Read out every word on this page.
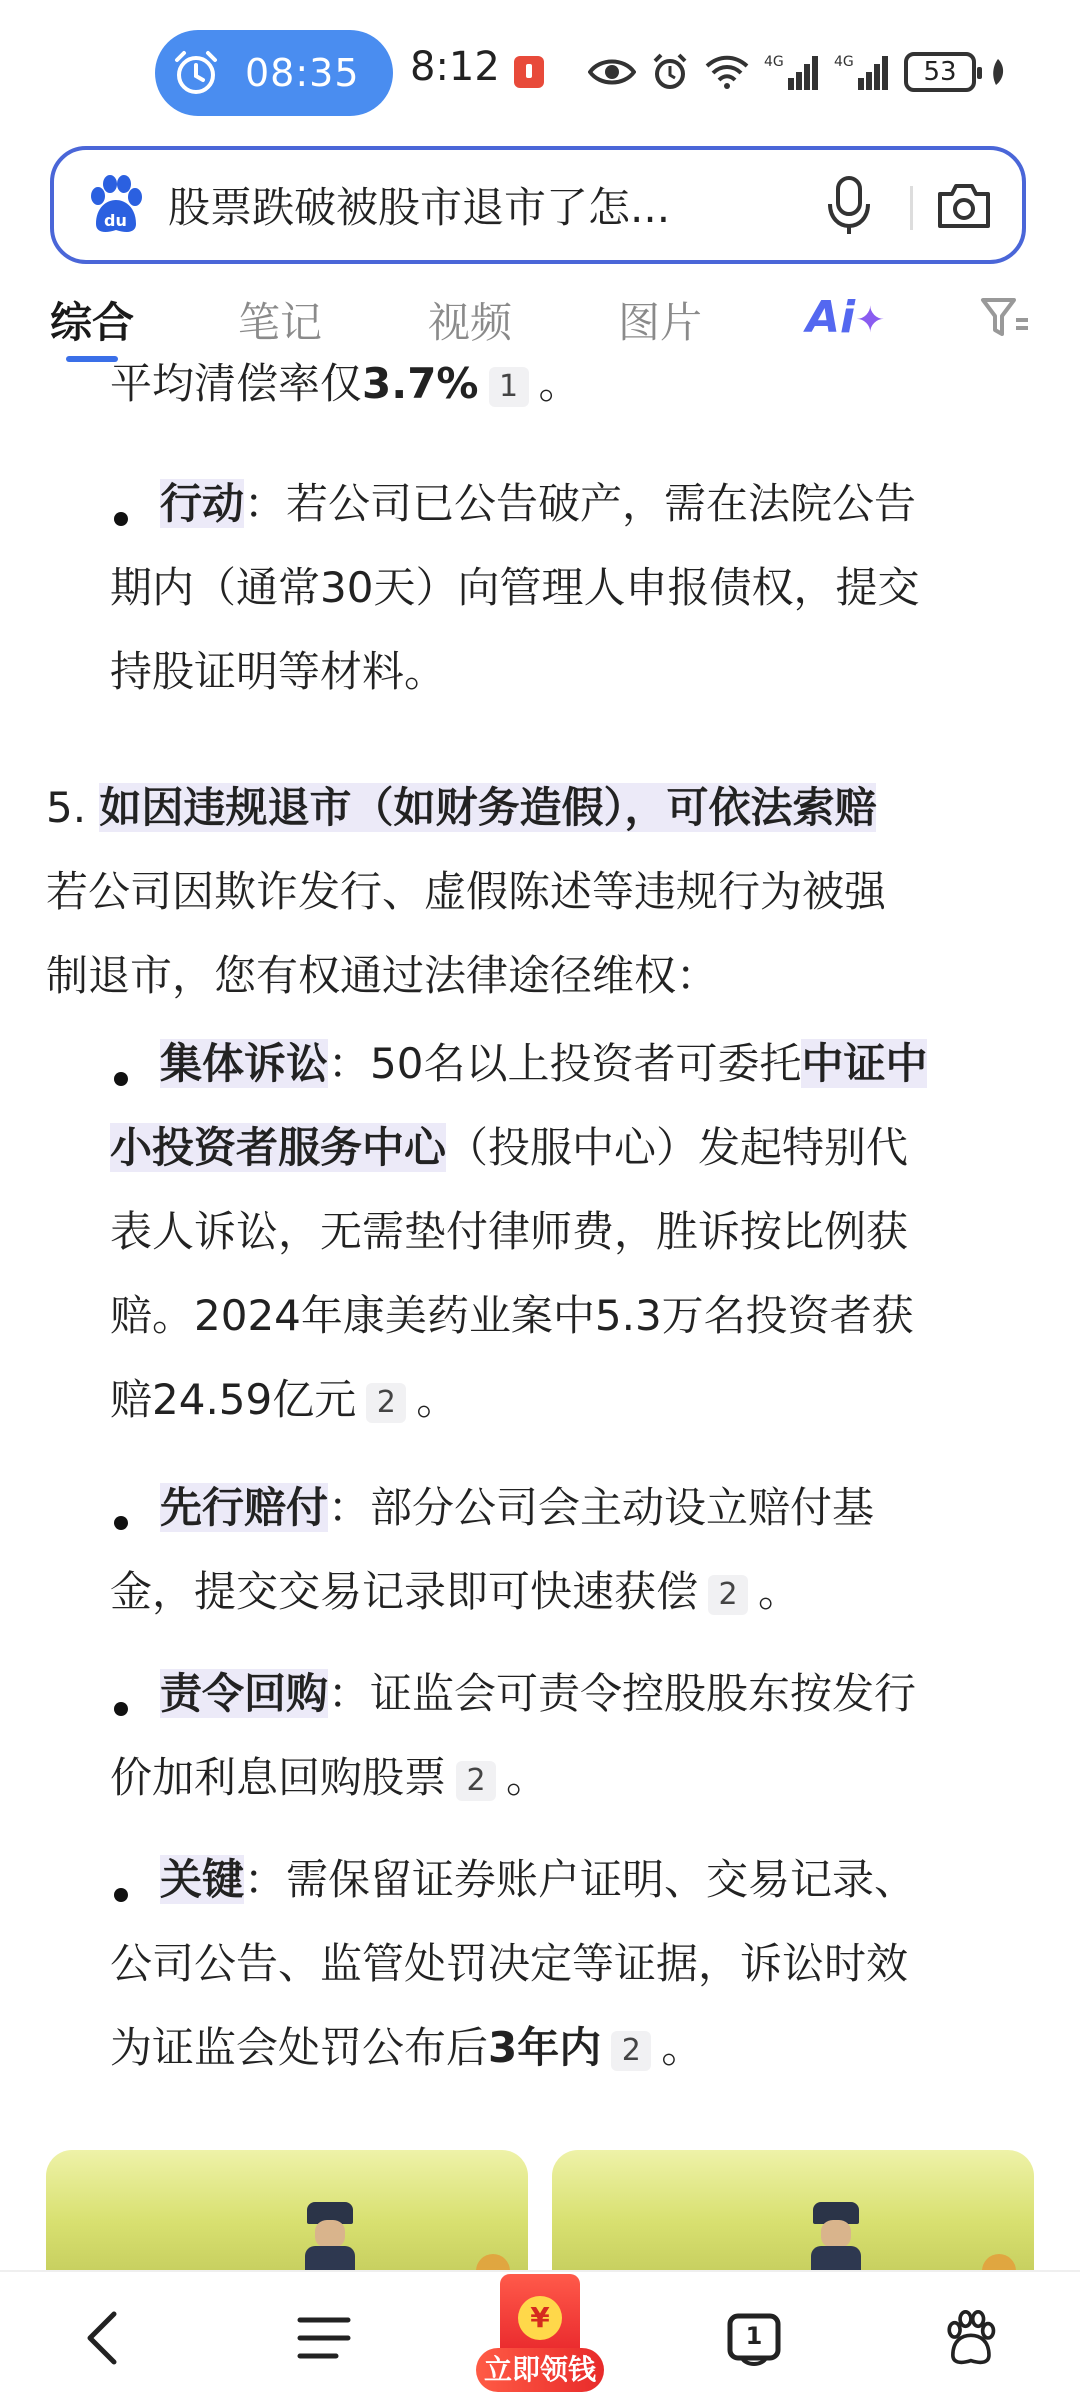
08:35 8:12	4G	4G	53
du 股票跌破被股市退市了怎...
综合 笔记	视频	图片 Ai✦
平均清偿率仅3.7% 1 。
行动：若公司已公告破产，需在法院公告
期内（通常30天）向管理人申报债权，提交
持股证明等材料。
5. 如因违规退市（如财务造假），可依法索赔
若公司因欺诈发行、虚假陈述等违规行为被强
制退市，您有权通过法律途径维权：
集体诉讼：50名以上投资者可委托中证中
小投资者服务中心（投服中心）发起特别代
表人诉讼，无需垫付律师费，胜诉按比例获
赔。2024年康美药业案中5.3万名投资者获
赔24.59亿元 2 。
先行赔付：部分公司会主动设立赔付基
金，提交交易记录即可快速获偿 2 。
责令回购：证监会可责令控股股东按发行
价加利息回购股票 2 。
关键：需保留证券账户证明、交易记录、
公司公告、监管处罚决定等证据，诉讼时效
为证监会处罚公布后3年内 2 。
¥
立即领钱
1
